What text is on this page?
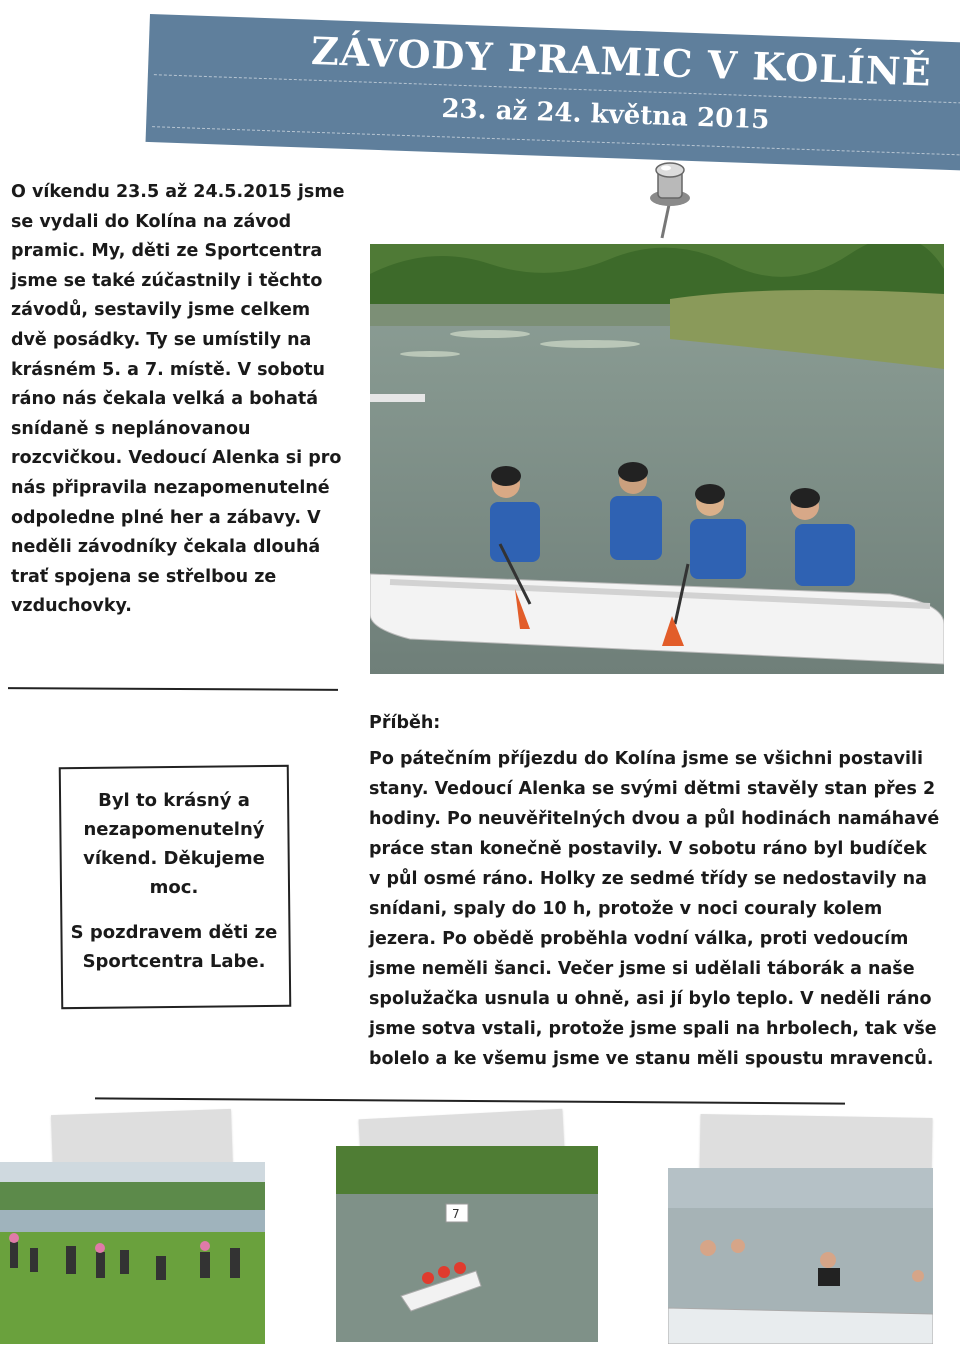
ZÁVODY PRAMIC V KOLÍNĚ
23. až 24. května 2015
O víkendu 23.5 až 24.5.2015 jsme se vydali do Kolína na závod pramic. My, děti ze Sportcentra jsme se také zúčastnily i těchto závodů, sestavily jsme celkem dvě posádky. Ty se umístily na krásném 5. a 7. místě. V sobotu ráno nás čekala velká a bohatá snídaně s neplánovanou rozcvičkou. Vedoucí Alenka si pro nás připravila nezapomenutelné odpoledne plné her a zábavy. V neděli závodníky čekala dlouhá trať spojena se střelbou ze vzduchovky.

Byl to krásný a nezapomenutelný víkend. Děkujeme moc.

S pozdravem děti ze Sportcentra Labe.

Příběh:
Po pátečním příjezdu do Kolína jsme se všichni postavili stany. Vedoucí Alenka se svými dětmi stavěly stan přes 2 hodiny. Po neuvěřitelných dvou a půl hodinách namáhavé práce stan konečně postavily. V sobotu ráno byl budíček v půl osmé ráno. Holky ze sedmé třídy se nedostavily na snídani, spaly do 10 h, protože v noci couraly kolem jezera. Po obědě proběhla vodní válka, proti vedoucím jsme neměli šanci. Večer jsme si udělali táborák a naše spolužačka usnula u ohně, asi jí bylo teplo. V neděli ráno jsme sotva vstali, protože jsme spali na hrbolech, tak vše bolelo a ke všemu jsme ve stanu měli spoustu mravenců.
7
